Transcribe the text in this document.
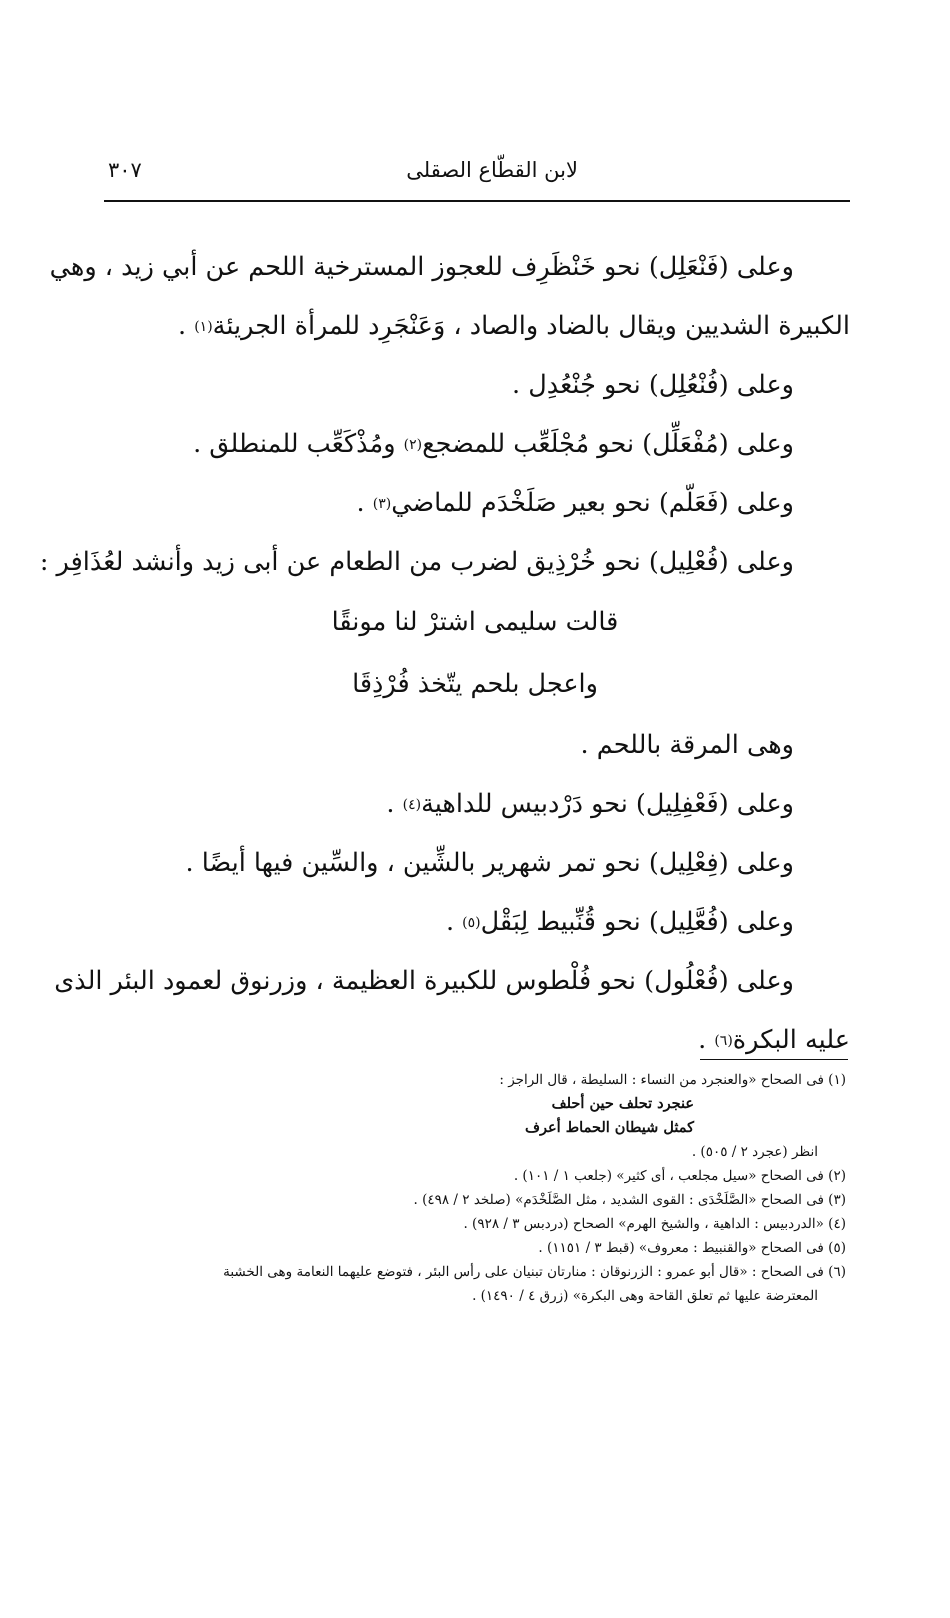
لابن القطّاع الصقلى
٣٠٧
وعلى (فَنْعَلِل) نحو خَنْظَرِف للعجوز المسترخية اللحم عن أبي زيد ، وهي
الكبيرة الشديين ويقال بالضاد والصاد ، وَعَنْجَرِد للمرأة الجريئة
(١)

.
وعلى (فُنْعُلِل) نحو جُنْعُدِل .
وعلى (مُفْعَلِّل) نحو مُجْلَعِّب للمضجع
(٢)

ومُذْكَعِّب للمنطلق .
وعلى (فَعَلّم) نحو بعير صَلَخْدَم للماضي
(٣)

.
وعلى (فُعْلِيل) نحو خُرْذِيق لضرب من الطعام عن أبى زيد وأنشد لعُذَافِر :
قالت سليمى اشترْ لنا مونقًا
واعجل بلحم يتّخذ فُرْذِقَا
وهى المرقة باللحم .
وعلى (فَعْفِلِيل) نحو دَرْدبيس للداهية
(٤)

.
وعلى (فِعْلِيل) نحو تمر شهرير بالشِّين ، والسِّين فيها أيضًا .
وعلى (فُعَّلِيل) نحو قُنِّبيط لِبَقْل
(٥)

.
وعلى (فُعْلُول) نحو فُلْطوس للكبيرة العظيمة ، وزرنوق لعمود البئر الذى
عليه البكرة
(٦)

.
(١) فى الصحاح «والعنجرد من النساء : السليطة ، قال الراجز :
عنجرد تحلف حين أحلف
كمثل شيطان الحماط أعرف
انظر (عجرد ٢ / ٥٠٥) .
(٢) فى الصحاح «سيل مجلعب ، أى كثير» (جلعب ١ / ١٠١) .
(٣) فى الصحاح «الصَّلَخْدَى : القوى الشديد ، مثل الصَّلَخْدَم» (صلخد ٢ / ٤٩٨) .
(٤) «الدردبيس : الداهية ، والشيخ الهرم» الصحاح (دردبس ٣ / ٩٢٨) .
(٥) فى الصحاح «والقنبيط : معروف» (قبط ٣ / ١١٥١) .
(٦) فى الصحاح : «قال أبو عمرو : الزرنوقان : منارتان تبنيان على رأس البئر ، فتوضع عليهما النعامة وهى الخشبة
المعترضة عليها ثم تعلق القاحة وهى البكرة» (زرق ٤ / ١٤٩٠) .
